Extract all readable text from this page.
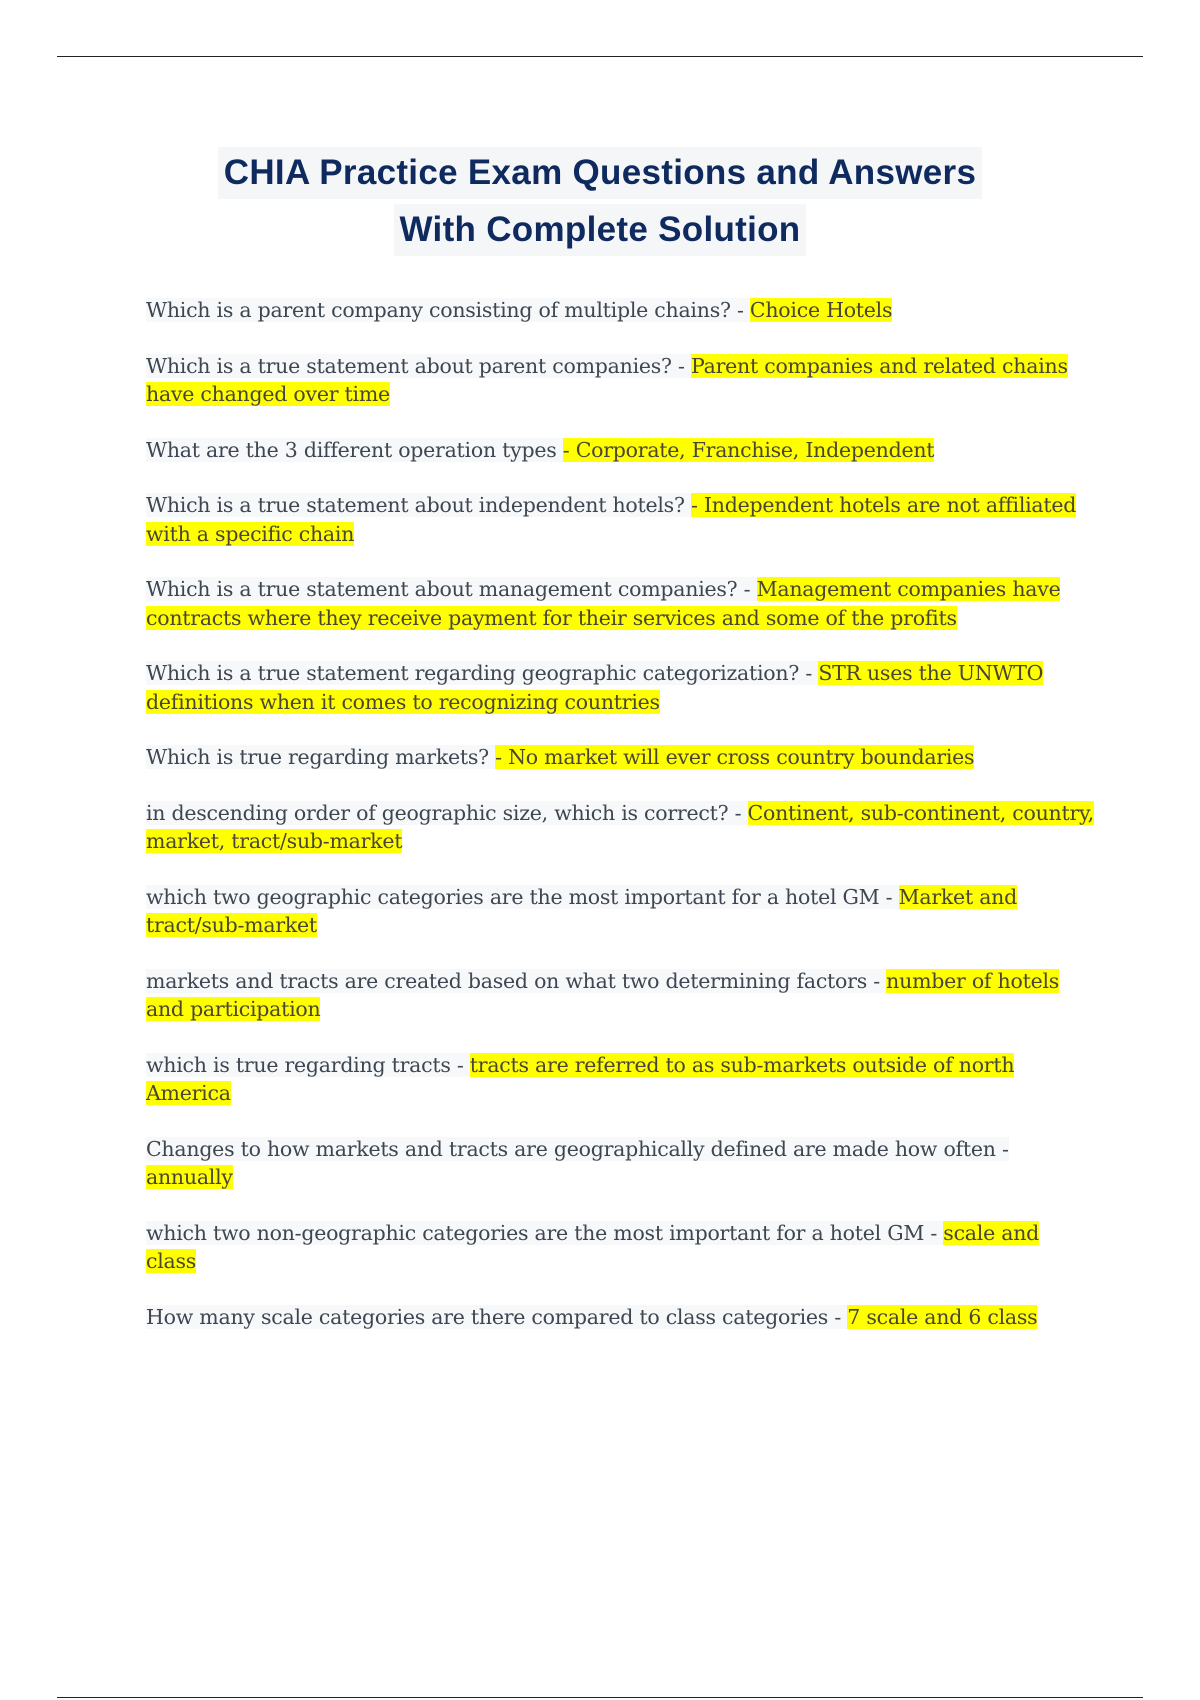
CHIA Practice Exam Questions and Answers
With Complete Solution
Which is a parent company consisting of multiple chains? - Choice Hotels
Which is a true statement about parent companies? - Parent companies and related chains have changed over time
What are the 3 different operation types - Corporate, Franchise, Independent
Which is a true statement about independent hotels? - Independent hotels are not affiliated with a specific chain
Which is a true statement about management companies? - Management companies have contracts where they receive payment for their services and some of the profits
Which is a true statement regarding geographic categorization? - STR uses the UNWTO definitions when it comes to recognizing countries
Which is true regarding markets? - No market will ever cross country boundaries
in descending order of geographic size, which is correct? - Continent, sub-continent, country, market, tract/sub-market
which two geographic categories are the most important for a hotel GM - Market and tract/sub-market
markets and tracts are created based on what two determining factors - number of hotels and participation
which is true regarding tracts - tracts are referred to as sub-markets outside of north America
Changes to how markets and tracts are geographically defined are made how often - annually
which two non-geographic categories are the most important for a hotel GM - scale and class
How many scale categories are there compared to class categories - 7 scale and 6 class
